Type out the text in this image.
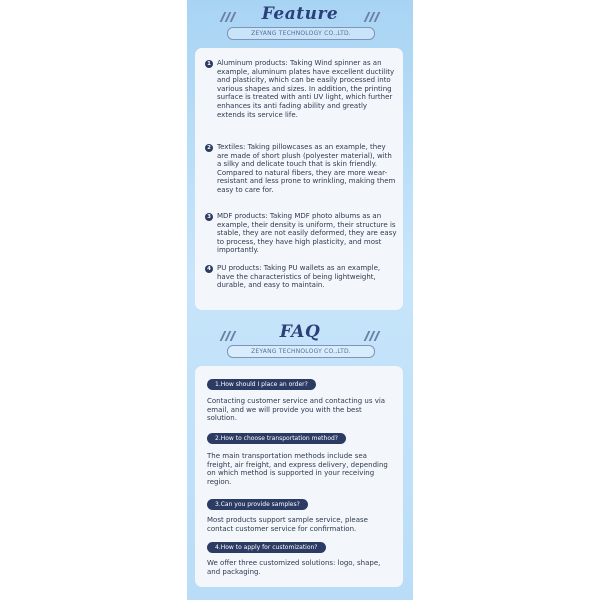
Feature
ZEYANG TECHNOLOGY CO.,LTD.
1 Aluminum products: Taking Wind spinner as an example, aluminum plates have excellent ductility and plasticity, which can be easily processed into various shapes and sizes. In addition, the printing surface is treated with anti UV light, which further enhances its anti fading ability and greatly extends its service life.
2 Textiles: Taking pillowcases as an example, they are made of short plush (polyester material), with a silky and delicate touch that is skin friendly. Compared to natural fibers, they are more wear-resistant and less prone to wrinkling, making them easy to care for.
3 MDF products: Taking MDF photo albums as an example, their density is uniform, their structure is stable, they are not easily deformed, they are easy to process, they have high plasticity, and most importantly.
4 PU products: Taking PU wallets as an example, have the characteristics of being lightweight, durable, and easy to maintain.
FAQ
ZEYANG TECHNOLOGY CO.,LTD.
1.How should I place an order?
Contacting customer service and contacting us via email, and we will provide you with the best solution.
2.How to choose transportation method?
The main transportation methods include sea freight, air freight, and express delivery, depending on which method is supported in your receiving region.
3.Can you provide samples?
Most products support sample service, please contact customer service for confirmation.
4.How to apply for customization?
We offer three customized solutions: logo, shape, and packaging.
